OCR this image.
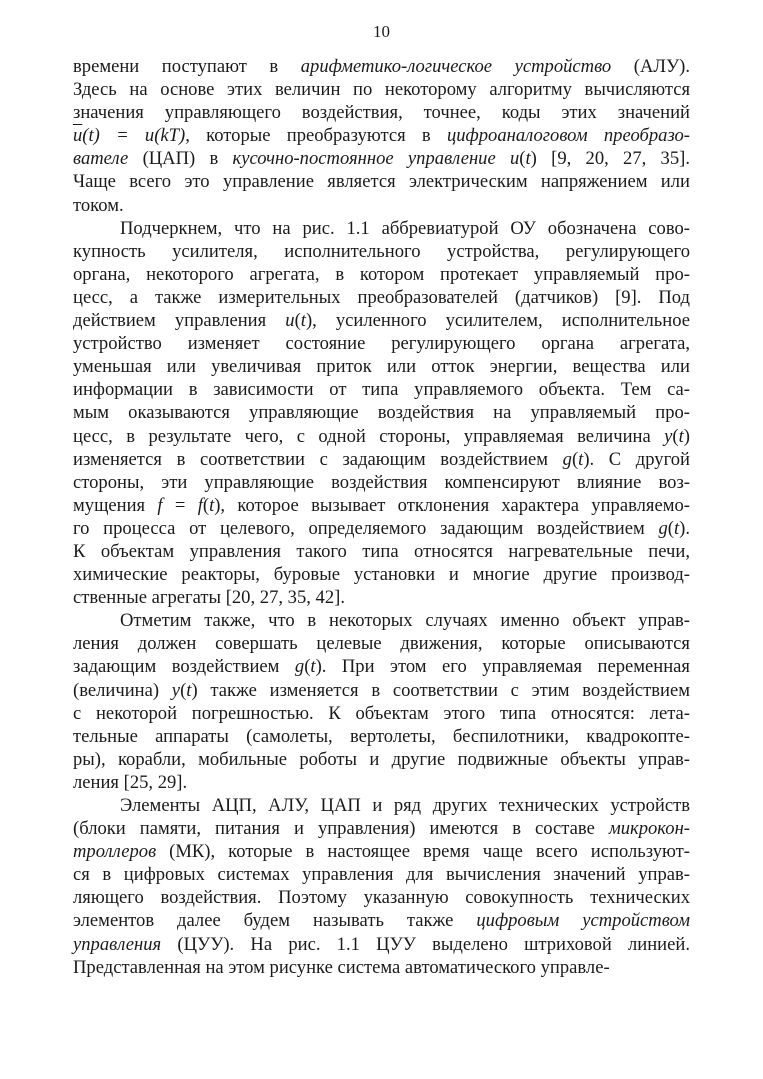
10
времени поступают в арифметико-логическое устройство (АЛУ).
Здесь на основе этих величин по некоторому алгоритму вычисляются
значения управляющего воздействия, точнее, коды этих значений
$\overline{u}(t) = u(kT)$, которые преобразуются в цифроаналоговом преобразо-
вателе (ЦАП) в кусочно-постоянное управление u(t) [9, 20, 27, 35].
Чаще всего это управление является электрическим напряжением или
током.
Подчеркнем, что на рис. 1.1 аббревиатурой ОУ обозначена сово-
купность усилителя, исполнительного устройства, регулирующего
органа, некоторого агрегата, в котором протекает управляемый про-
цесс, а также измерительных преобразователей (датчиков) [9]. Под
действием управления u(t), усиленного усилителем, исполнительное
устройство изменяет состояние регулирующего органа агрегата,
уменьшая или увеличивая приток или отток энергии, вещества или
информации в зависимости от типа управляемого объекта. Тем са-
мым оказываются управляющие воздействия на управляемый про-
цесс, в результате чего, с одной стороны, управляемая величина y(t)
изменяется в соответствии с задающим воздействием g(t). С другой
стороны, эти управляющие воздействия компенсируют влияние воз-
мущения f = f(t), которое вызывает отклонения характера управляемо-
го процесса от целевого, определяемого задающим воздействием g(t).
К объектам управления такого типа относятся нагревательные печи,
химические реакторы, буровые установки и многие другие производ-
ственные агрегаты [20, 27, 35, 42].
Отметим также, что в некоторых случаях именно объект управ-
ления должен совершать целевые движения, которые описываются
задающим воздействием g(t). При этом его управляемая переменная
(величина) y(t) также изменяется в соответствии с этим воздействием
с некоторой погрешностью. К объектам этого типа относятся: лета-
тельные аппараты (самолеты, вертолеты, беспилотники, квадрокопте-
ры), корабли, мобильные роботы и другие подвижные объекты управ-
ления [25, 29].
Элементы АЦП, АЛУ, ЦАП и ряд других технических устройств
(блоки памяти, питания и управления) имеются в составе микрокон-
троллеров (МК), которые в настоящее время чаще всего используют-
ся в цифровых системах управления для вычисления значений управ-
ляющего воздействия. Поэтому указанную совокупность технических
элементов далее будем называть также цифровым устройством
управления (ЦУУ). На рис. 1.1 ЦУУ выделено штриховой линией.
Представленная на этом рисунке система автоматического управле-
